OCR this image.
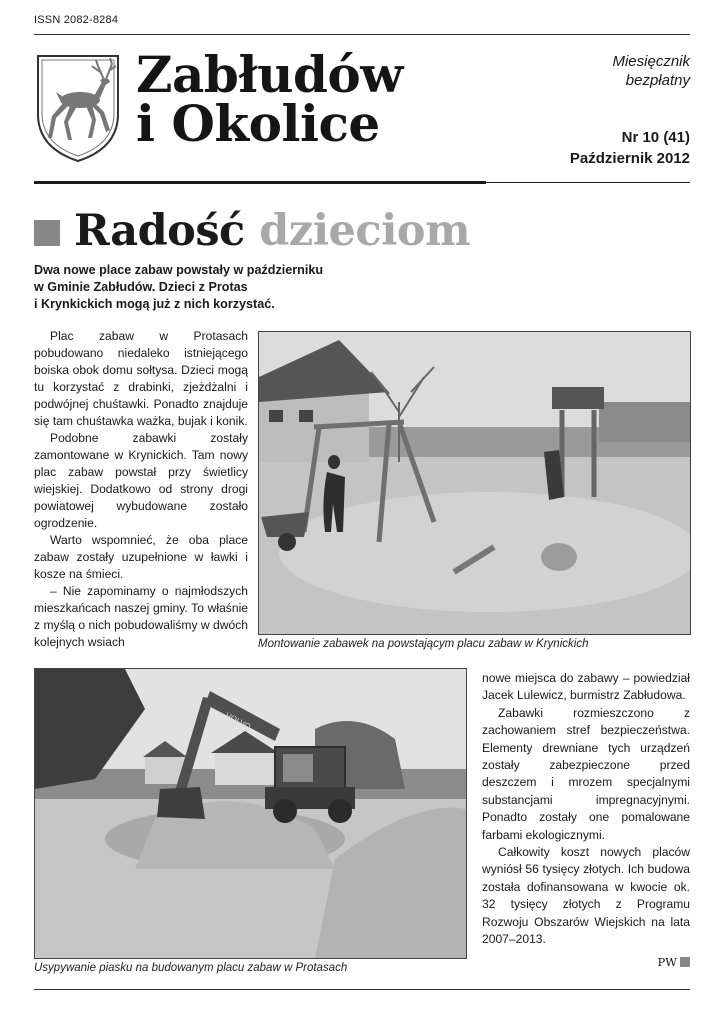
ISSN 2082-8284
Zabłudów
i Okolice
Miesięcznik
bezpłatny
Nr 10 (41)
Październik 2012
Radość dzieciom
Dwa nowe place zabaw powstały w październiku
w Gminie Zabłudów. Dzieci z Protas
i Krynkickich mogą już z nich korzystać.

Plac zabaw w Protasach pobudowano niedaleko istniejącego boiska obok domu sołtysa. Dzieci mogą tu korzystać z drabinki, zjeżdżalni i podwójnej chuśtawki. Ponadto znajduje się tam chuśtawka ważka, bujak i konik.

Podobne zabawki zostały zamontowane w Krynickich. Tam nowy plac zabaw powstał przy świetlicy wiejskiej. Dodatkowo od strony drogi powiatowej wybudowane zostało ogrodzenie.

Warto wspomnieć, że oba place zabaw zostały uzupełnione w ławki i kosze na śmieci.

– Nie zapominamy o najmłodszych mieszkańcach naszej gminy. To właśnie z myślą o nich pobudowaliśmy w dwóch kolejnych wsiach	Montowanie zabawek na powstającym placu zabaw w Krynickich
VOLVO
Usypywanie piasku na budowanym placu zabaw w Protasach

nowe miejsca do zabawy – powiedział Jacek Lulewicz, burmistrz Zabłudowa.

Zabawki rozmieszczono z zachowaniem stref bezpieczeństwa. Elementy drewniane tych urządzeń zostały zabezpieczone przed deszczem i mrozem specjalnymi substancjami impregnacyjnymi. Ponadto zostały one pomalowane farbami ekologicznymi.

Całkowity koszt nowych placów wyniósł 56 tysięcy złotych. Ich budowa została dofinansowana w kwocie ok. 32 tysięcy złotych z Programu Rozwoju Obszarów Wiejskich na lata 2007–2013.

PW
